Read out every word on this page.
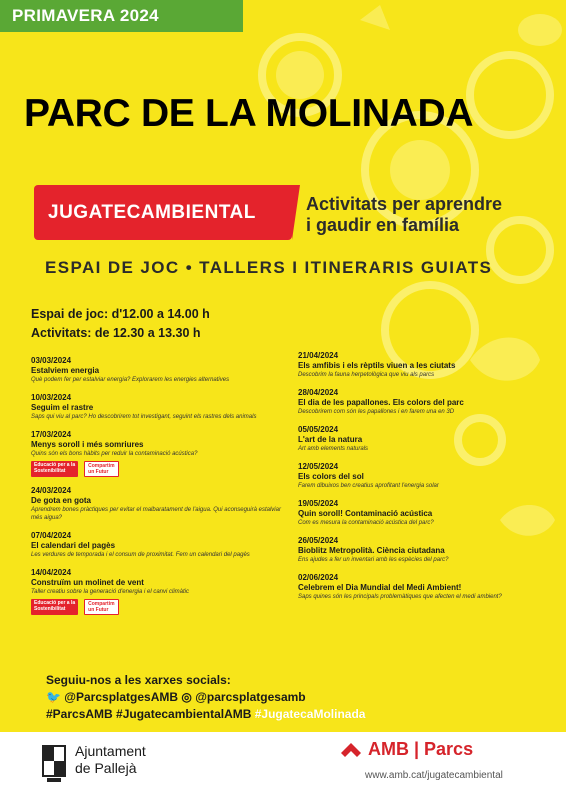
PRIMAVERA 2024
PARC DE LA MOLINADA
JUGATECAMBIENTAL	Activitats per aprendre
i gaudir en família
ESPAI DE JOC • TALLERS I ITINERARIS GUIATS
Espai de joc: d'12.00 a 14.00 h
Activitats: de 12.30 a 13.30 h
03/03/2024
Estalviem energia
Què podem fer per estalviar energia? Explorarem les energies alternatives
10/03/2024
Seguim el rastre
Saps qui viu al parc? Ho descobrirem tot investigant, seguint els rastres dels animals
17/03/2024
Menys soroll i més somriures
Quins són els bons hàbits per reduir la contaminació acústica?
Educació per a la
Sostenibilitat
Compartim
un Futur
24/03/2024
De gota en gota
Aprendrem bones pràctiques per evitar el malbaratament de l'aigua. Qui aconseguirà estalviar més aigua?
07/04/2024
El calendari del pagès
Les verdures de temporada i el consum de proximitat. Fem un calendari del pagès
14/04/2024
Construïm un molinet de vent
Taller creatiu sobre la generació d'energia i el canvi climàtic
Educació per a la
Sostenibilitat
Compartim
un Futur
21/04/2024
Els amfibis i els rèptils viuen a les ciutats
Descobrim la fauna herpetològica que viu als parcs
28/04/2024
El dia de les papallones. Els colors del parc
Descobrirem com són les papallones i en farem una en 3D
05/05/2024
L'art de la natura
Art amb elements naturals
12/05/2024
Els colors del sol
Farem dibuixos ben creatius aprofitant l'energia solar
19/05/2024
Quin soroll! Contaminació acústica
Com es mesura la contaminació acústica del parc?
26/05/2024
Bioblitz Metropolità. Ciència ciutadana
Ens ajudes a fer un inventari amb les espècies del parc?
02/06/2024
Celebrem el Dia Mundial del Medi Ambient!
Saps quines són les principals problemàtiques que afecten el medi ambient?
Seguiu-nos a les xarxes socials:
🐦 @ParcsplatgesAMB ◎ @parcsplatgesamb
#ParcsAMB #JugatecambientalAMB #JugatecaMolinada
Ajuntament
de Pallejà
AMB | Parcs
www.amb.cat/jugatecambiental
